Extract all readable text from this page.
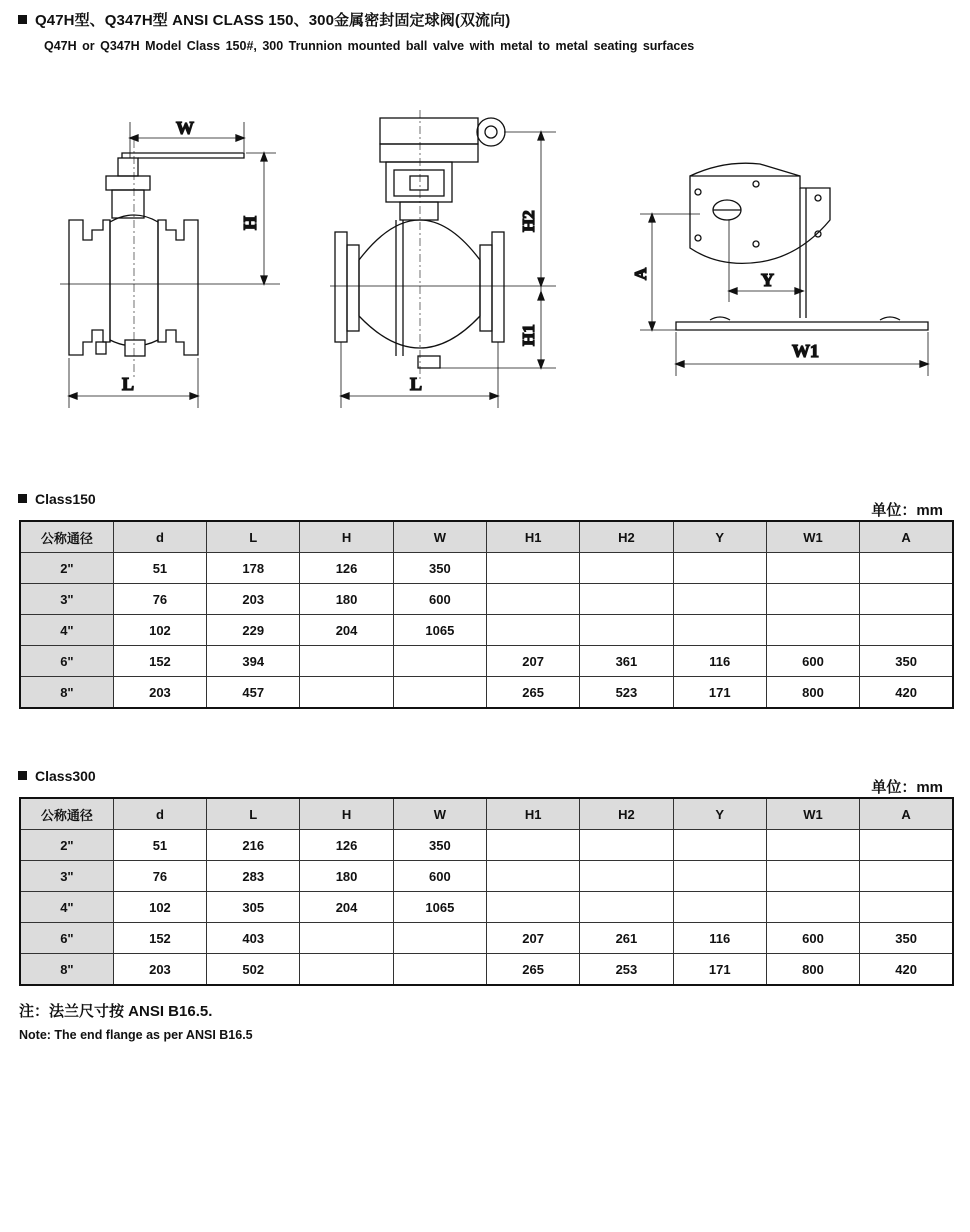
Q47H型、Q347H型 ANSI CLASS 150、300金属密封固定球阀(双流向)
Q47H or Q347H Model Class 150#, 300 Trunnion mounted ball valve with metal to metal seating surfaces
W
H
L
H2
H1
L
A	Y
W1
Class150
单位：mm
公称通径	d	L	H	W	H1	H2	Y	W1	A
2"	51	178	126	350					
3"	76	203	180	600					
4"	102	229	204	1065					
6"	152	394			207	361	116	600	350
8"	203	457			265	523	171	800	420
Class300
单位：mm
公称通径	d	L	H	W	H1	H2	Y	W1	A
2"	51	216	126	350					
3"	76	283	180	600					
4"	102	305	204	1065					
6"	152	403			207	261	116	600	350
8"	203	502			265	253	171	800	420
注：法兰尺寸按 ANSI B16.5.
Note: The end flange as per ANSI B16.5
